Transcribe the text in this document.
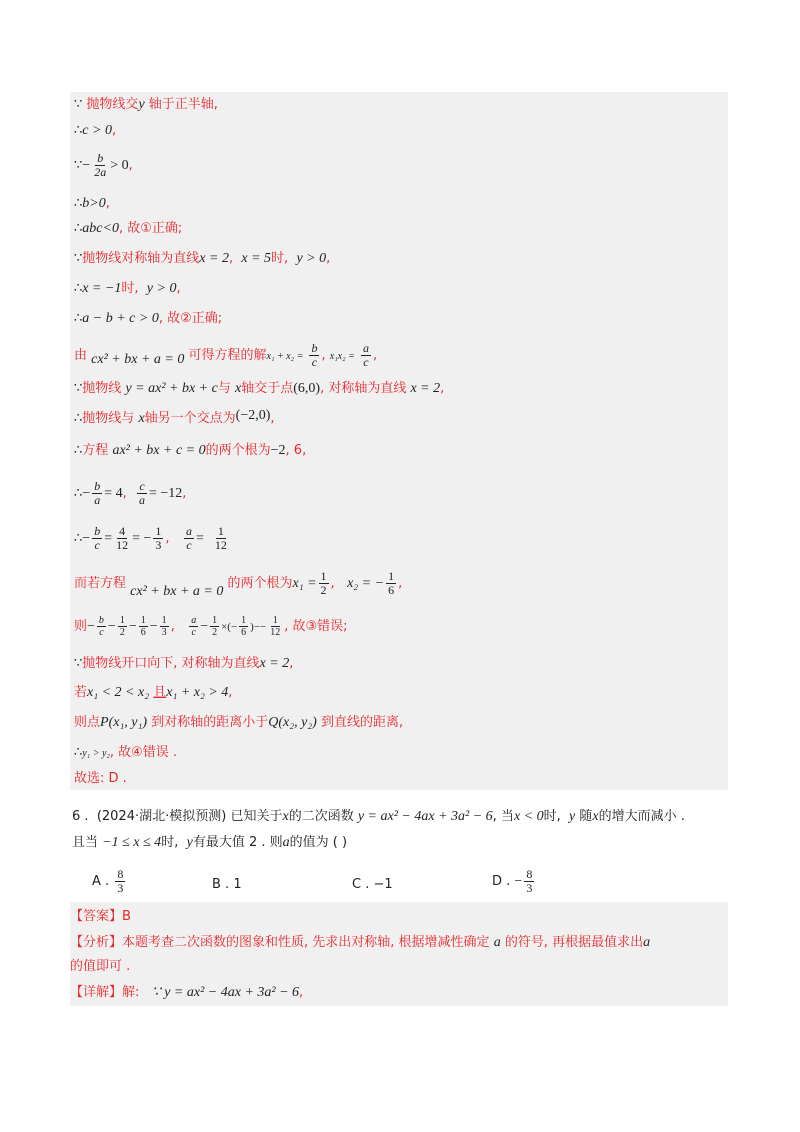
∵ 抛物线交y 轴于正半轴,
∴c > 0,
∵− $\frac{b}{2a} > 0$,
∴b>0,
∴abc<0, 故①正确;
∵抛物线对称轴为直线x = 2, x = 5时, y > 0,
∴x = −1时, y > 0,
∴a − b + c > 0, 故②正确;
由 cx² + bx + a = 0 可得方程的解$x_1 + x_2 = \frac{b}{c}$ , $x_1x_2 = \frac{a}{c}$ ,
∵抛物线 y = ax² + bx + c与 x轴交于点(6,0), 对称轴为直线 x = 2,
∴抛物线与 x轴另一个交点为(−2,0),
∴方程 ax² + bx + c = 0的两个根为−2, 6,
∴− $\frac{b}{a} = 4$, $\frac{c}{a} = -12$,
∴− $\frac{b}{c} = \frac{4}{12}$ = − $\frac{1}{3}$ , $\frac{a}{c} = \frac{1}{12}$
而若方程 cx² + bx + a = 0 的两个根为$x_1 = \frac{1}{2}$ , x₂ = − $\frac{1}{6}$ ,
则− $\frac{b}{c} - \frac{1}{2} - \frac{1}{6} - \frac{1}{3}$ , $\frac{a}{c} - \frac{1}{2}$ ×(− $\frac{1}{6}$ )−− $\frac{1}{12}$ , 故③错误;
∵抛物线开口向下, 对称轴为直线x = 2,
若x₁ < 2 < x₂ 且x₁ + x₂ > 4,
则点P(x₁, y₁) 到对称轴的距离小于Q(x₂, y₂) 到直线的距离,
∴y₁ > y₂, 故④错误 .
故选: D .
6 .  (2024·湖北·模拟预测) 已知关于x的二次函数 y = ax² − 4ax + 3a² − 6, 当x < 0时, y 随x的增大而减小 .
且当 −1 ≤ x ≤ 4时, y有最大值 2 . 则a的值为 ( )
A . $\frac{8}{3}$	B . 1	C . −1	D . − $\frac{8}{3}$
【答案】B
【分析】本题考查二次函数的图象和性质, 先求出对称轴, 根据增减性确定 a 的符号, 再根据最值求出a
的值即可 .
【详解】解: ∵ y = ax² − 4ax + 3a² − 6,
